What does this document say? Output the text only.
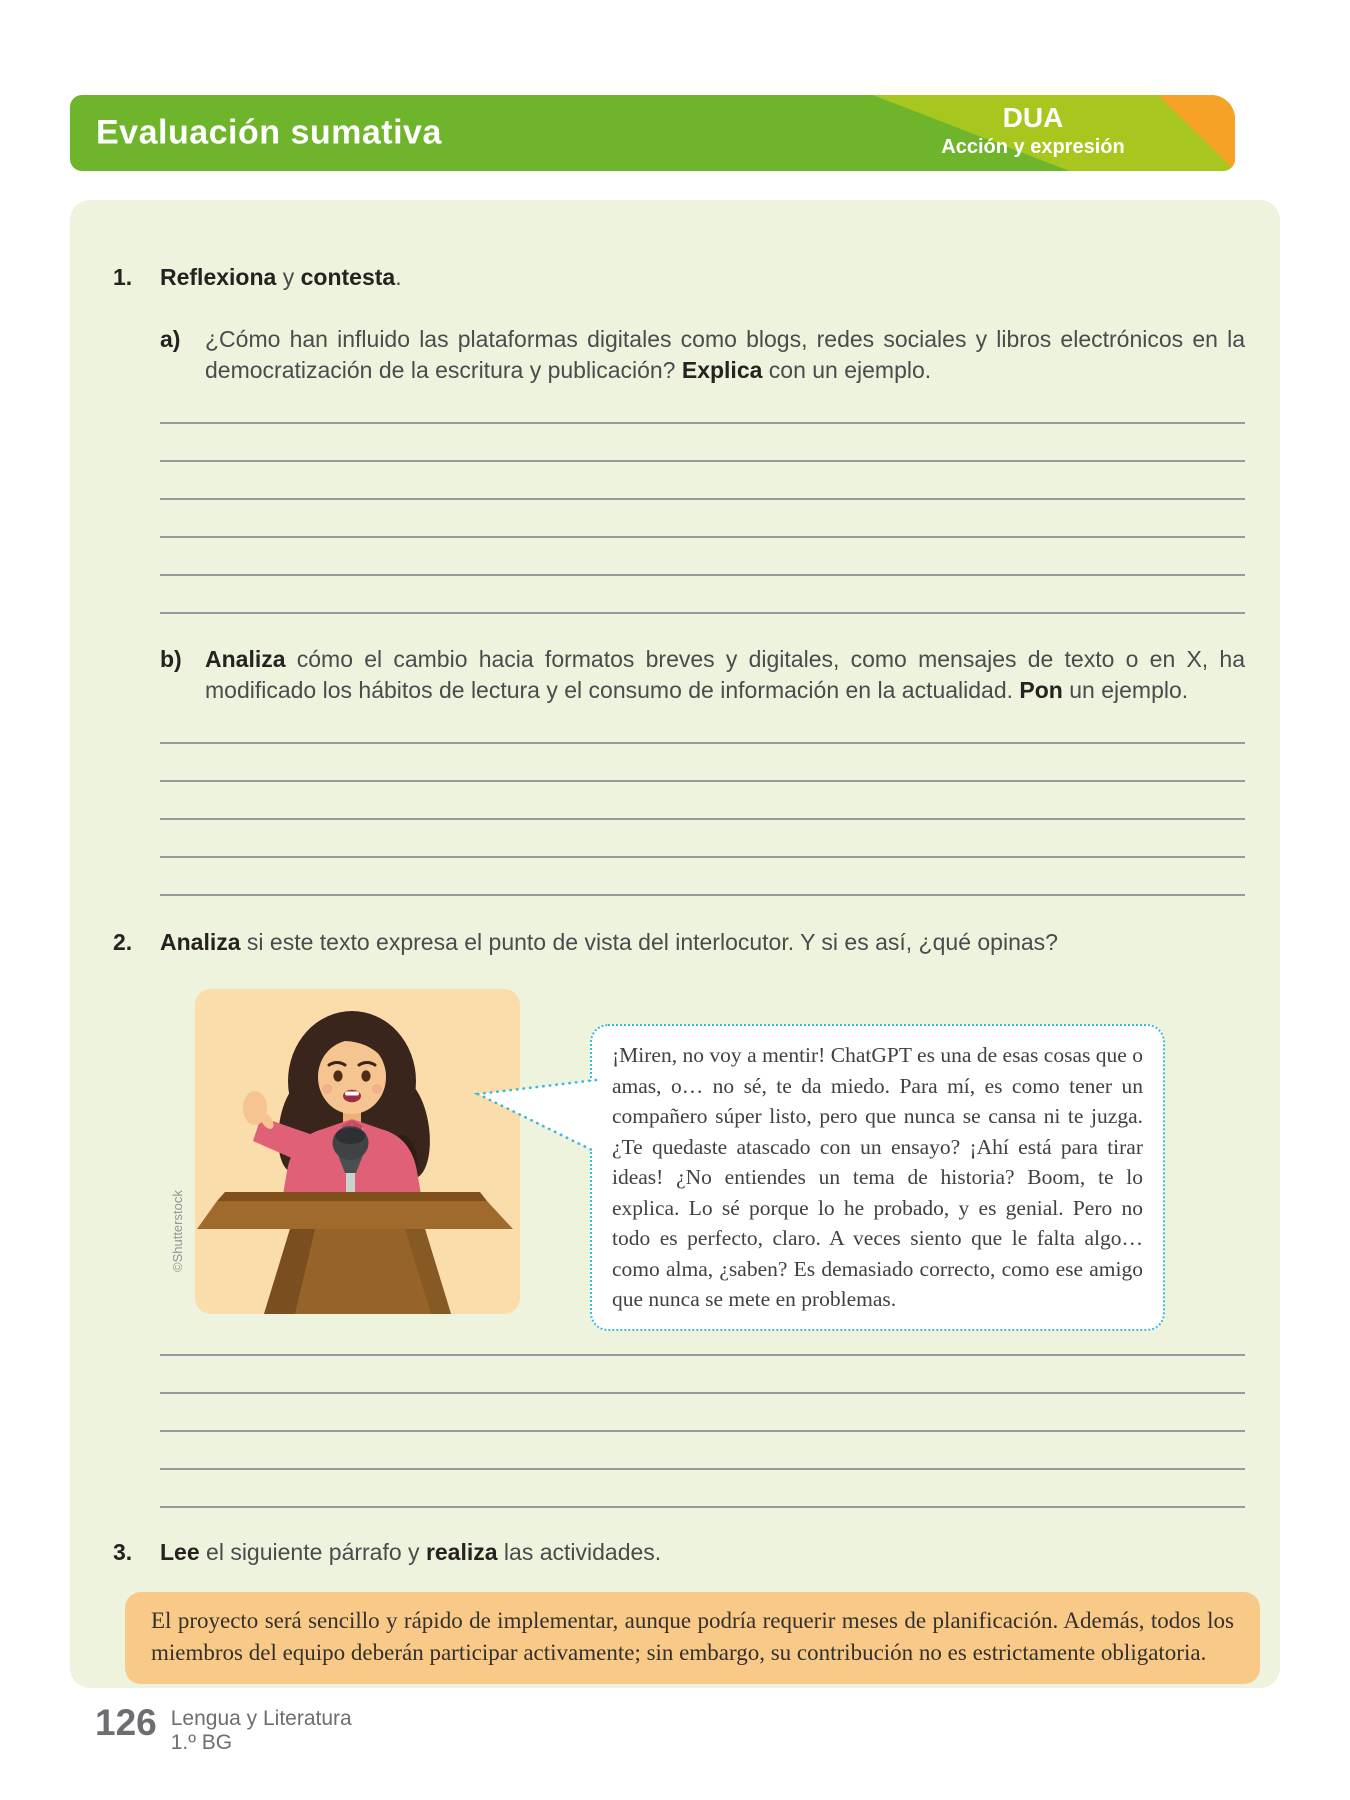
Evaluación sumativa	DUA
Acción y expresión
1.	Reflexiona y contesta.

a)	¿Cómo han influido las plataformas digitales como blogs, redes sociales y libros electrónicos en la democratización de la escritura y publicación? Explica con un ejemplo.

b)	Analiza cómo el cambio hacia formatos breves y digitales, como mensajes de texto o en X, ha modificado los hábitos de lectura y el consumo de información en la actualidad. Pon un ejemplo.

2.	Analiza si este texto expresa el punto de vista del interlocutor. Y si es así, ¿qué opinas?

©Shutterstock

¡Miren, no voy a mentir! ChatGPT es una de esas cosas que o amas, o… no sé, te da miedo. Para mí, es como tener un compañero súper listo, pero que nunca se cansa ni te juzga. ¿Te quedaste atascado con un ensayo? ¡Ahí está para tirar ideas! ¿No entiendes un tema de historia? Boom, te lo explica. Lo sé porque lo he probado, y es genial. Pero no todo es perfecto, claro. A veces siento que le falta algo… como alma, ¿saben? Es demasiado correcto, como ese amigo que nunca se mete en problemas.

3.	Lee el siguiente párrafo y realiza las actividades.

El proyecto será sencillo y rápido de implementar, aunque podría requerir meses de planificación. Además, todos los miembros del equipo deberán participar activamente; sin embargo, su contribución no es estrictamente obligatoria.
126 Lengua y Literatura
1.º BG
